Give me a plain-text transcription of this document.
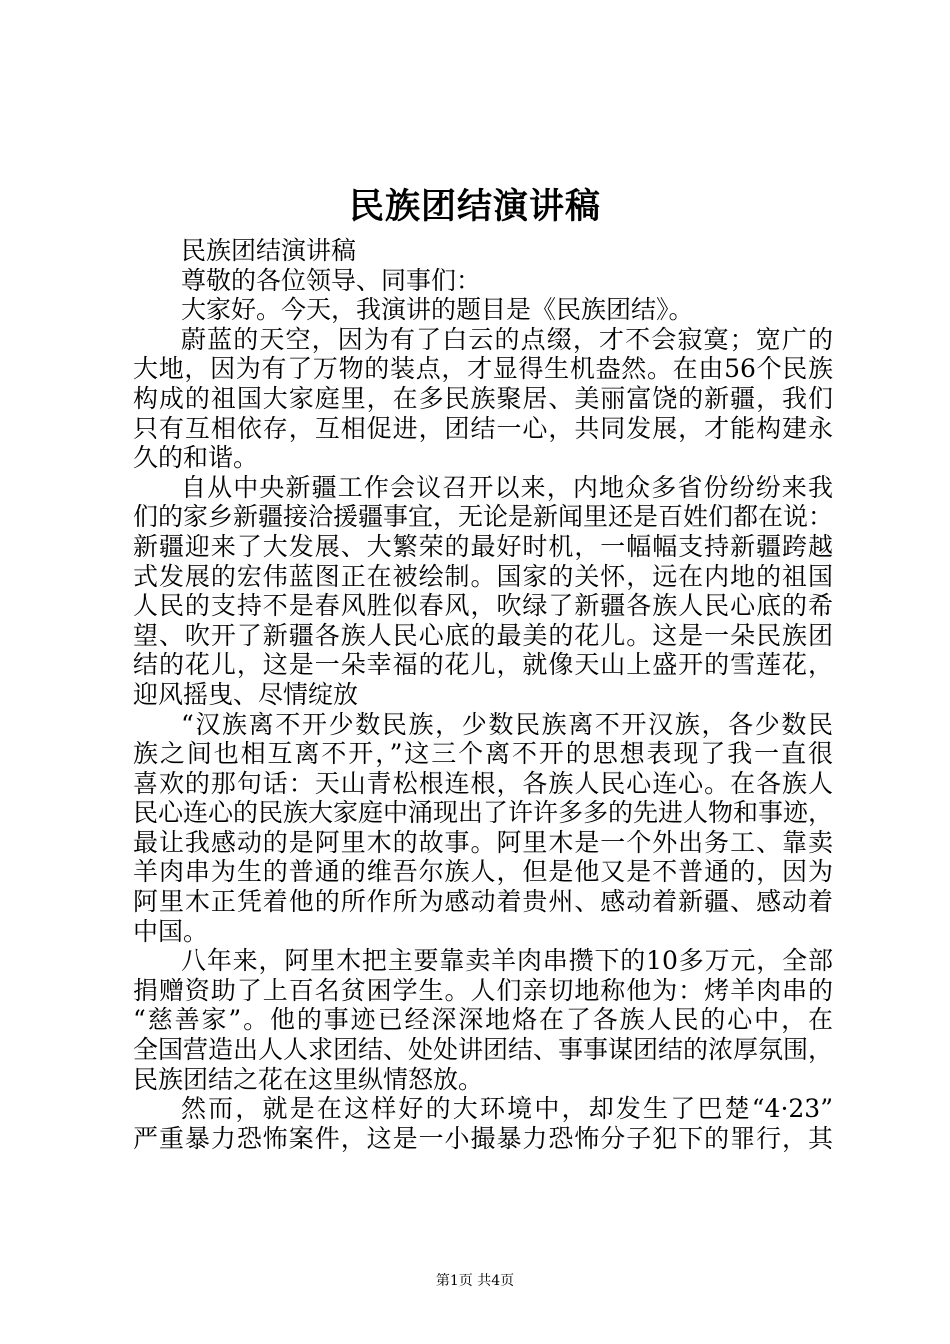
民族团结演讲稿
民族团结演讲稿
尊敬的各位领导、同事们：
大家好。今天，我演讲的题目是《民族团结》。
蔚蓝的天空，因为有了白云的点缀，才不会寂寞；宽广的
大地，因为有了万物的装点，才显得生机盎然。在由56个民族
构成的祖国大家庭里，在多民族聚居、美丽富饶的新疆，我们
只有互相依存，互相促进，团结一心，共同发展，才能构建永
久的和谐。
自从中央新疆工作会议召开以来，内地众多省份纷纷来我
们的家乡新疆接洽援疆事宜，无论是新闻里还是百姓们都在说：
新疆迎来了大发展、大繁荣的最好时机，一幅幅支持新疆跨越
式发展的宏伟蓝图正在被绘制。国家的关怀，远在内地的祖国
人民的支持不是春风胜似春风，吹绿了新疆各族人民心底的希
望、吹开了新疆各族人民心底的最美的花儿。这是一朵民族团
结的花儿，这是一朵幸福的花儿，就像天山上盛开的雪莲花，
迎风摇曳、尽情绽放
“汉族离不开少数民族，少数民族离不开汉族，各少数民
族之间也相互离不开，”这三个离不开的思想表现了我一直很
喜欢的那句话：天山青松根连根，各族人民心连心。在各族人
民心连心的民族大家庭中涌现出了许许多多的先进人物和事迹，
最让我感动的是阿里木的故事。阿里木是一个外出务工、靠卖
羊肉串为生的普通的维吾尔族人，但是他又是不普通的，因为
阿里木正凭着他的所作所为感动着贵州、感动着新疆、感动着
中国。
八年来，阿里木把主要靠卖羊肉串攒下的10多万元，全部
捐赠资助了上百名贫困学生。人们亲切地称他为：烤羊肉串的
“慈善家”。他的事迹已经深深地烙在了各族人民的心中，在
全国营造出人人求团结、处处讲团结、事事谋团结的浓厚氛围，
民族团结之花在这里纵情怒放。
然而，就是在这样好的大环境中，却发生了巴楚“4·23”
严重暴力恐怖案件，这是一小撮暴力恐怖分子犯下的罪行，其
第1页 共4页
